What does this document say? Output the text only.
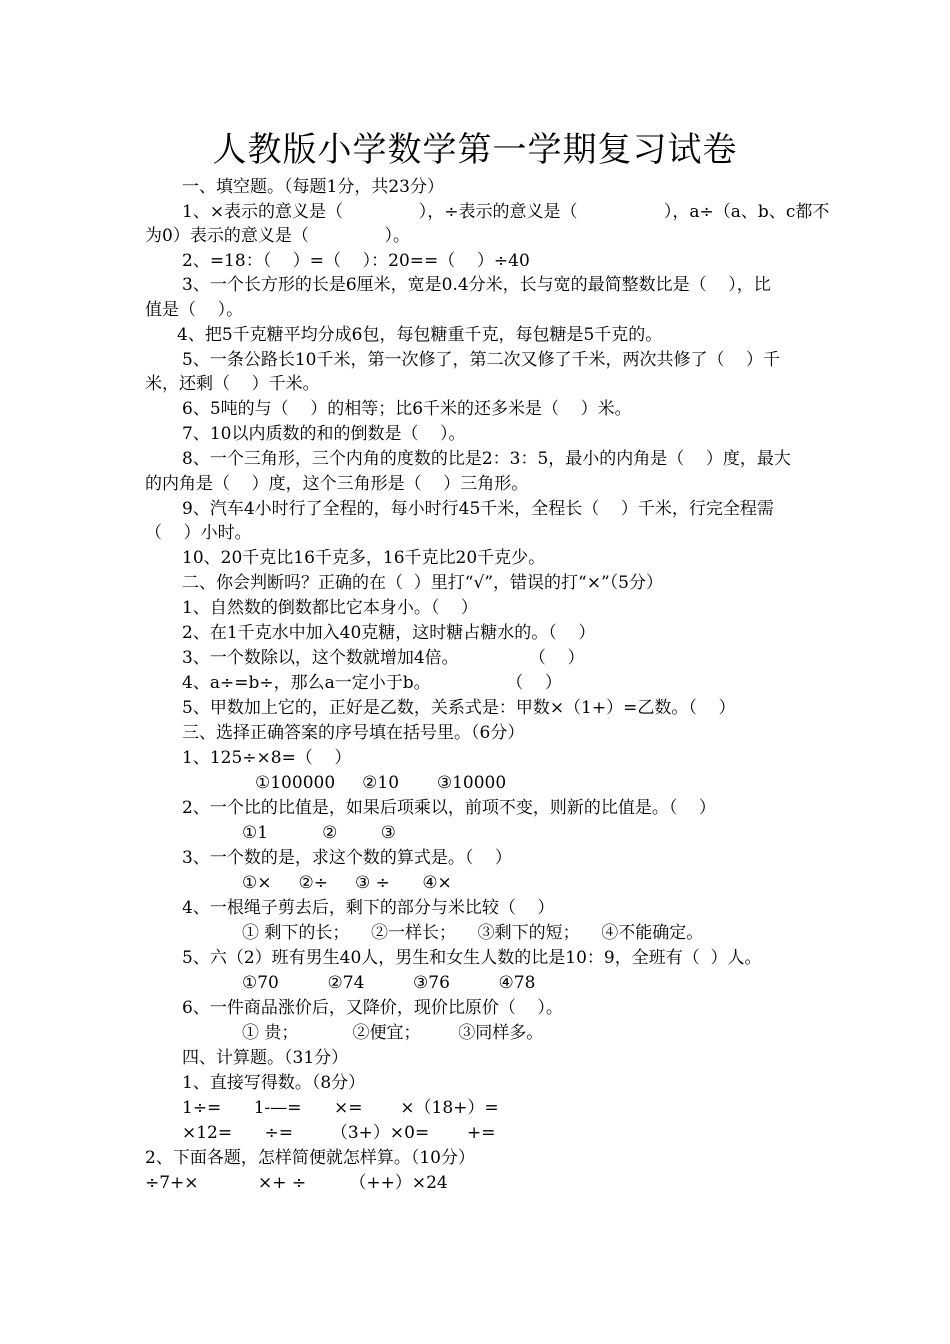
人教版小学数学第一学期复习试卷
一、填空题。（每题1分，共23分）
1、×表示的意义是（              ），÷表示的意义是（                ），a÷（a、b、c都不
为0）表示的意义是（              ）。
2、=18：（    ）=（    ）：20==（    ）÷40
3、一个长方形的长是6厘米，宽是0.4分米，长与宽的最简整数比是（    ），比
值是（    ）。
4、把5千克糖平均分成6包，每包糖重千克，每包糖是5千克的。
5、一条公路长10千米，第一次修了，第二次又修了千米，两次共修了（    ）千
米，还剩（    ）千米。
6、5吨的与（    ）的相等；比6千米的还多米是（    ）米。
7、10以内质数的和的倒数是（    ）。
8、一个三角形，三个内角的度数的比是2：3：5，最小的内角是（    ）度，最大
的内角是（    ）度，这个三角形是（    ）三角形。
9、汽车4小时行了全程的，每小时行45千米，全程长（    ）千米，行完全程需
（    ）小时。
10、20千克比16千克多，16千克比20千克少。
二、你会判断吗？正确的在（  ）里打“√”，错误的打“×”（5分）
1、自然数的倒数都比它本身小。（    ）
2、在1千克水中加入40克糖，这时糖占糖水的。（    ）
3、一个数除以，这个数就增加4倍。             （    ）
4、a÷=b÷，那么a一定小于b。              （    ）
5、甲数加上它的，正好是乙数，关系式是：甲数×（1+）=乙数。（    ）
三、选择正确答案的序号填在括号里。（6分）
1、125÷×8=（    ）
①100000     ②10       ③10000
2、一个比的比值是，如果后项乘以，前项不变，则新的比值是。（    ）
①1          ②        ③
3、一个数的是，求这个数的算式是。（    ）
①×     ②÷     ③ ÷      ④×
4、一根绳子剪去后，剩下的部分与米比较（    ）
① 剩下的长；    ②一样长；    ③剩下的短；    ④不能确定。
5、六（2）班有男生40人，男生和女生人数的比是10：9，全班有（  ）人。
①70         ②74         ③76         ④78
6、一件商品涨价后，又降价，现价比原价（    ）。
① 贵；          ②便宜；       ③同样多。
四、计算题。（31分）
1、直接写得数。（8分）
1÷=      1-—=      ×=       ×（18+）=
×12=      ÷=       （3+）×0=       +=
2、下面各题，怎样简便就怎样算。（10分）
÷7+×           ×+ ÷        （++）×24
